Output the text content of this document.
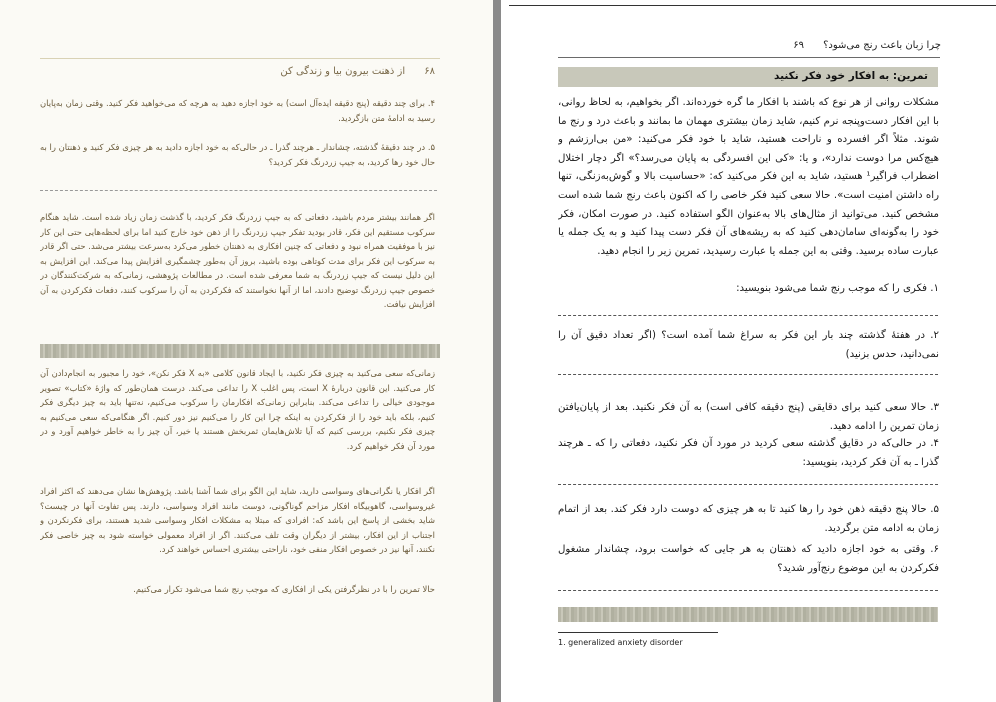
۶۸      از ذهنت بیرون بیا و زندگی کن

۴. برای چند دقیقه (پنج دقیقه ایده‌آل است) به خود اجازه دهید به هرچه که می‌خواهید فکر کنید. وقتی زمان به‌پایان رسید به ادامهٔ متن بازگردید.

۵. در چند دقیقهٔ گذشته، چشاندار ـ هرچند گذرا ـ در حالی‌که به خود اجازه دادید به هر چیزی فکر کنید و ذهنتان را به حال خود رها کردید، به جیپ زردرنگ فکر کردید؟

اگر همانند بیشتر مردم باشید، دفعاتی که به جیپ زردرنگ فکر کردید، با گذشت زمان زیاد شده است. شاید هنگام سرکوب مستقیم این فکر، قادر بودید تفکر جیپ زردرنگ را از ذهن خود خارج کنید اما برای لحظه‌هایی حتی این کار نیز با موفقیت همراه نبود و دفعاتی که چنین افکاری به ذهنتان خطور می‌کرد به‌سرعت بیشتر می‌شد. حتی اگر قادر به سرکوب این فکر برای مدت کوتاهی بوده باشید، بروز آن به‌طور چشمگیری افزایش پیدا می‌کند. این افزایش به این دلیل نیست که جیپ زردرنگ به شما معرفی شده است. در مطالعات پژوهشی، زمانی‌که به شرکت‌کنندگان در خصوص جیپ زردرنگ توضیح دادند، اما از آنها نخواستند که فکرکردن به آن را سرکوب کنند، دفعات فکرکردن به آن افزایش نیافت.

زمانی‌که سعی می‌کنید به چیزی فکر نکنید، با ایجاد قانون کلامی «به X فکر نکن»، خود را مجبور به انجام‌دادن آن کار می‌کنید. این قانون دربارهٔ X است، پس اغلب X را تداعی می‌کند. درست همان‌طور که واژهٔ «کتاب» تصویر موجودی خیالی را تداعی می‌کند. بنابراین زمانی‌که افکارمان را سرکوب می‌کنیم، نه‌تنها باید به چیز دیگری فکر کنیم، بلکه باید خود را از فکرکردن به اینکه چرا این کار را می‌کنیم نیز دور کنیم. اگر هنگامی‌که سعی می‌کنیم به چیزی فکر نکنیم، بررسی کنیم که آیا تلاش‌هایمان ثمربخش هستند یا خیر، آن چیز را به خاطر خواهیم آورد و در مورد آن فکر خواهیم کرد.

اگر افکار یا نگرانی‌های وسواسی دارید، شاید این الگو برای شما آشنا باشد. پژوهش‌ها نشان می‌دهند که اکثر افراد غیروسواسی، گاهوبیگاه افکار مزاحم گوناگونی، دوست مانند افراد وسواسی، دارند. پس تفاوت آنها در چیست؟ شاید بخشی از پاسخ این باشد که: افرادی که مبتلا به مشکلات افکار وسواسی شدید هستند، برای فکرنکردن و اجتناب از این افکار، بیشتر از دیگران وقت تلف می‌کنند. اگر از افراد معمولی خواسته شود به چیز خاصی فکر نکنند، آنها نیز در خصوص افکار منفی خود، ناراحتی بیشتری احساس خواهند کرد.

حالا تمرین را با در نظرگرفتن یکی از افکاری که موجب رنج شما می‌شود تکرار می‌کنیم.

چرا زبان باعث رنج می‌شود؟      ۶۹
تمرین: به افکار خود فکر نکنید

مشکلات روانی از هر نوع که باشند با افکار ما گره خورده‌اند. اگر بخواهیم، به لحاظ روانی، با این افکار دست‌وپنجه نرم کنیم، شاید زمان بیشتری مهمان ما بمانند و باعث درد و رنج ما شوند. مثلاً اگر افسرده و ناراحت هستید، شاید با خود فکر می‌کنید: «من بی‌ارزشم و هیچ‌کس مرا دوست ندارد»، و یا: «کی این افسردگی به پایان می‌رسد؟» اگر دچار اختلال اضطراب فراگیر¹ هستید، شاید به این فکر می‌کنید که: «حساسیت بالا و گوش‌به‌زنگی، تنها راه داشتن امنیت است». حالا سعی کنید فکر خاصی را که اکنون باعث رنج شما شده است مشخص کنید. می‌توانید از مثال‌های بالا به‌عنوان الگو استفاده کنید. در صورت امکان، فکر خود را به‌گونه‌ای سامان‌دهی کنید که به ریشه‌های آن فکر دست پیدا کنید و به یک جمله یا عبارت ساده برسید. وقتی به این جمله یا عبارت رسیدید، تمرین زیر را انجام دهید.

۱. فکری را که موجب رنج شما می‌شود بنویسید:

۲. در هفتهٔ گذشته چند بار این فکر به سراغ شما آمده است؟ (اگر تعداد دقیق آن را نمی‌دانید، حدس بزنید)

۳. حالا سعی کنید برای دقایقی (پنج دقیقه کافی است) به آن فکر نکنید. بعد از پایان‌یافتن زمان تمرین را ادامه دهید.

۴. در حالی‌که در دقایق گذشته سعی کردید در مورد آن فکر نکنید، دفعاتی را که ـ هرچند گذرا ـ به آن فکر کردید، بنویسید:

۵. حالا پنج دقیقه ذهن خود را رها کنید تا به هر چیزی که دوست دارد فکر کند. بعد از اتمام زمان به ادامه متن برگردید.

۶. وقتی به خود اجازه دادید که ذهنتان به هر جایی که خواست برود، چشاندار مشغول فکرکردن به این موضوع رنج‌آور شدید؟

1. generalized anxiety disorder
